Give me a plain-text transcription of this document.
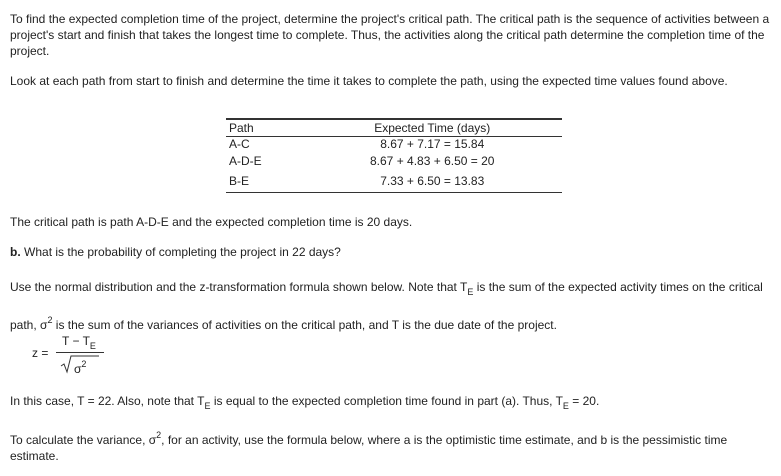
To find the expected completion time of the project, determine the project's critical path. The critical path is the sequence of activities between a project's start and finish that takes the longest time to complete. Thus, the activities along the critical path determine the completion time of the project.

Look at each path from start to finish and determine the time it takes to complete the path, using the expected time values found above.

Path	Expected Time (days)
A-C	8.67 + 7.17 = 15.84
A-D-E	8.67 + 4.83 + 6.50 = 20
B-E	7.33 + 6.50 = 13.83

The critical path is path A-D-E and the expected completion time is 20 days.

b. What is the probability of completing the project in 22 days?

Use the normal distribution and the z-transformation formula shown below. Note that $T_E$ is the sum of the expected activity times on the critical path, $\sigma^2$ is the sum of the variances of activities on the critical path, and T is the due date of the project.

z =
$T - T_E$
$\sigma^2$

In this case, T = 22. Also, note that $T_E$ is equal to the expected completion time found in part (a). Thus, $T_E = 20$.

To calculate the variance, $\sigma^2$, for an activity, use the formula below, where a is the optimistic time estimate, and b is the pessimistic time estimate.
